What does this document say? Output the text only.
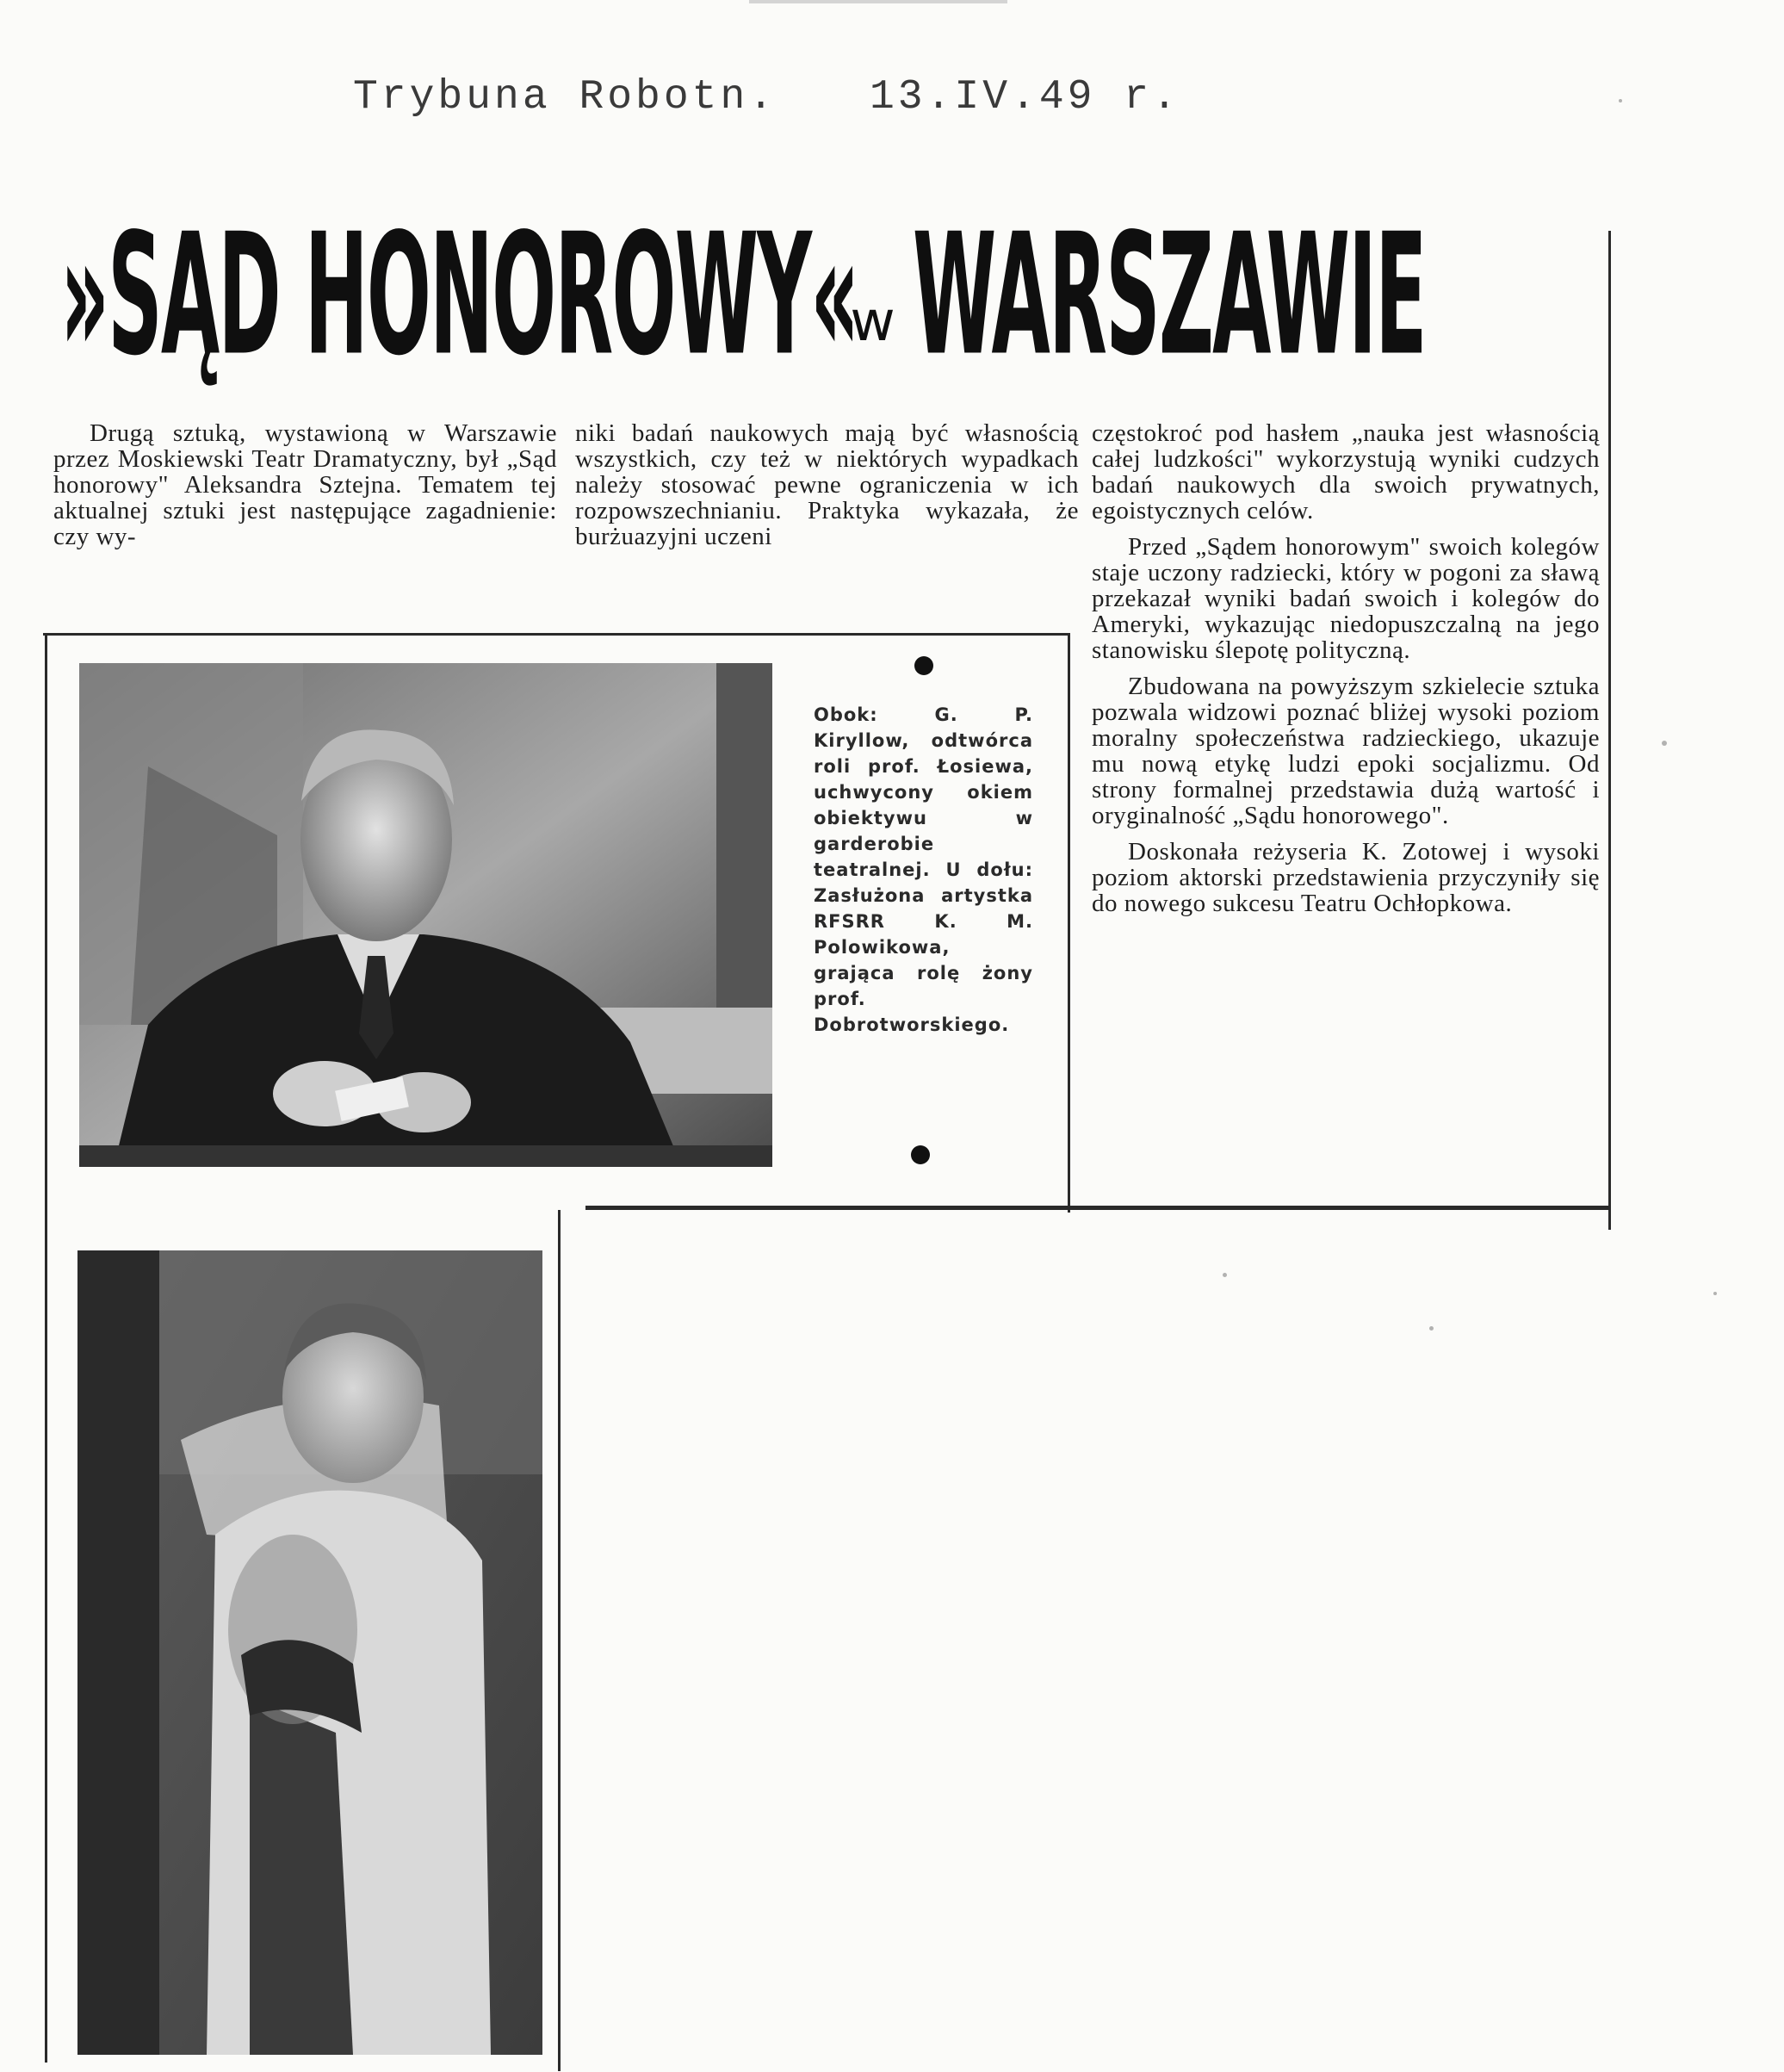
Trybuna Robotn. 13.IV.49 r.
»SĄD HONOROWY«w WARSZAWIE

Drugą sztuką, wystawioną w Warszawie przez Moskiewski Teatr Dramatyczny, był „Sąd honorowy" Aleksandra Sztejna. Tematem tej aktualnej sztuki jest następujące zagadnienie: czy wy-

niki badań naukowych mają być własnością wszystkich, czy też w niektórych wypadkach należy stosować pewne ograniczenia w ich rozpowszechnianiu. Praktyka wykazała, że burżuazyjni uczeni

częstokroć pod hasłem „nauka jest własnością całej ludzkości" wykorzystują wyniki cudzych badań naukowych dla swoich prywatnych, egoistycznych celów.

Przed „Sądem honorowym" swoich kolegów staje uczony radziecki, który w pogoni za sławą przekazał wyniki badań swoich i kolegów do Ameryki, wykazując niedopuszczalną na jego stanowisku ślepotę polityczną.

Zbudowana na powyższym szkielecie sztuka pozwala widzowi poznać bliżej wysoki poziom moralny społeczeństwa radzieckiego, ukazuje mu nową etykę ludzi epoki socjalizmu. Od strony formalnej przedstawia dużą wartość i oryginalność „Sądu honorowego".

Doskonała reżyseria K. Zotowej i wysoki poziom aktorski przedstawienia przyczyniły się do nowego sukcesu Teatru Ochłopkowa.

Obok: G. P. Kiryllow, odtwórca roli prof. Łosiewa, uchwycony okiem obiektywu w garderobie teatralnej. U dołu: Zasłużona artystka RFSRR K. M. Polowikowa, grająca rolę żony prof. Dobrotworskiego.
